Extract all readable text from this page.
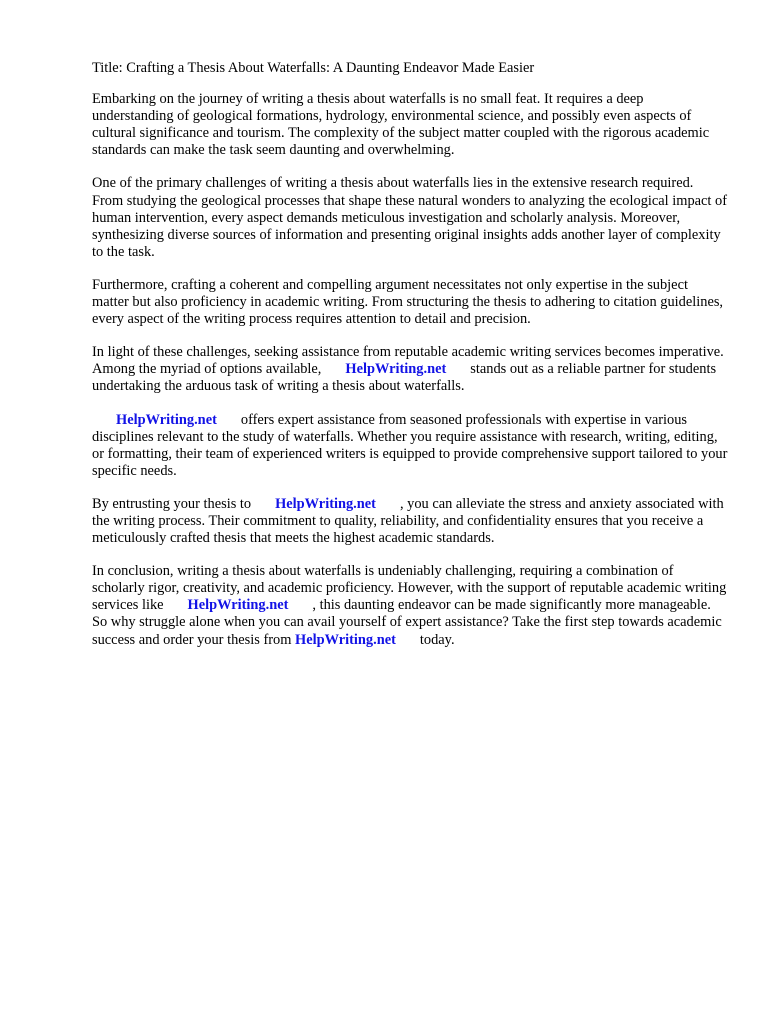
Title: Crafting a Thesis About Waterfalls: A Daunting Endeavor Made Easier

Embarking on the journey of writing a thesis about waterfalls is no small feat. It requires a deep understanding of geological formations, hydrology, environmental science, and possibly even aspects of cultural significance and tourism. The complexity of the subject matter coupled with the rigorous academic standards can make the task seem daunting and overwhelming.

One of the primary challenges of writing a thesis about waterfalls lies in the extensive research required. From studying the geological processes that shape these natural wonders to analyzing the ecological impact of human intervention, every aspect demands meticulous investigation and scholarly analysis. Moreover, synthesizing diverse sources of information and presenting original insights adds another layer of complexity to the task.

Furthermore, crafting a coherent and compelling argument necessitates not only expertise in the subject matter but also proficiency in academic writing. From structuring the thesis to adhering to citation guidelines, every aspect of the writing process requires attention to detail and precision.

In light of these challenges, seeking assistance from reputable academic writing services becomes imperative. Among the myriad of options available, HelpWriting.net stands out as a reliable partner for students undertaking the arduous task of writing a thesis about waterfalls.

HelpWriting.net offers expert assistance from seasoned professionals with expertise in various disciplines relevant to the study of waterfalls. Whether you require assistance with research, writing, editing, or formatting, their team of experienced writers is equipped to provide comprehensive support tailored to your specific needs.

By entrusting your thesis to HelpWriting.net , you can alleviate the stress and anxiety associated with the writing process. Their commitment to quality, reliability, and confidentiality ensures that you receive a meticulously crafted thesis that meets the highest academic standards.

In conclusion, writing a thesis about waterfalls is undeniably challenging, requiring a combination of scholarly rigor, creativity, and academic proficiency. However, with the support of reputable academic writing services like HelpWriting.net , this daunting endeavor can be made significantly more manageable. So why struggle alone when you can avail yourself of expert assistance? Take the first step towards academic success and order your thesis from HelpWriting.net today.
